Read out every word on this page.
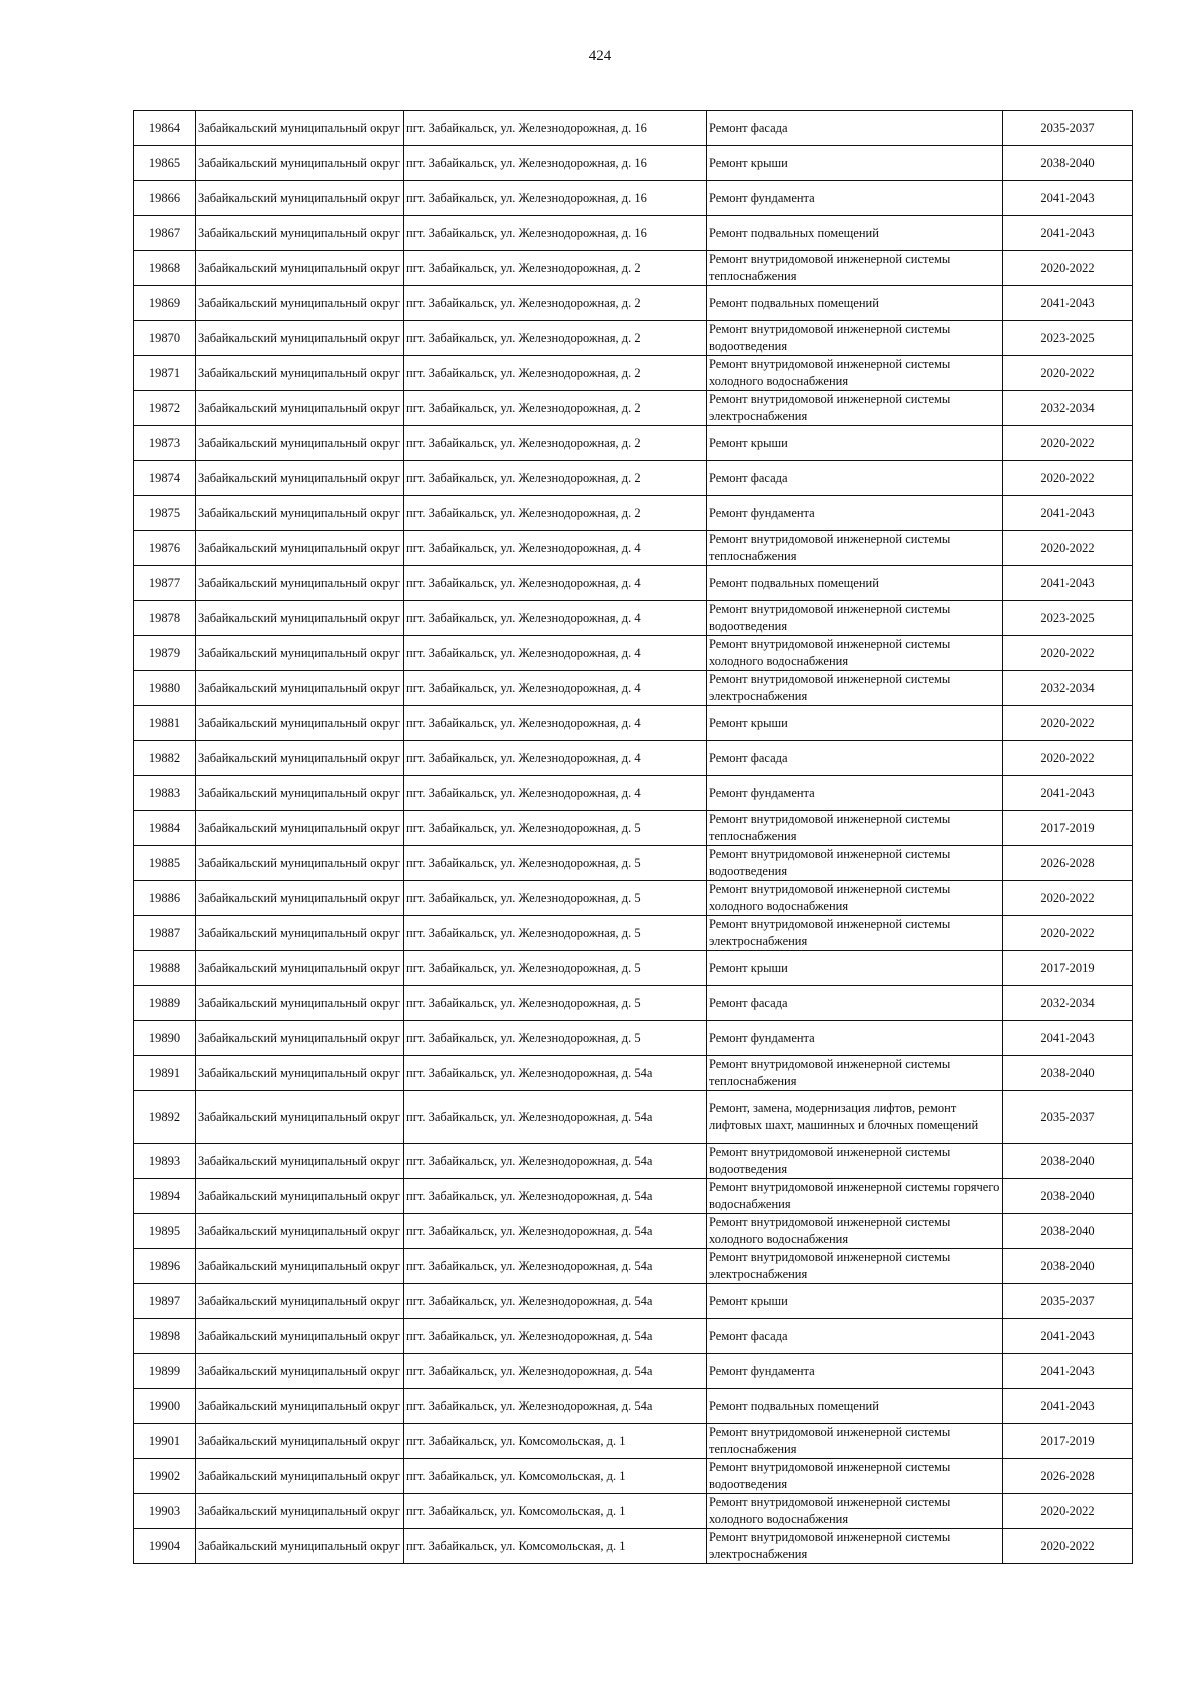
424
19864	Забайкальский муниципальный округ	пгт. Забайкальск, ул. Железнодорожная, д. 16	Ремонт фасада	2035-2037
19865	Забайкальский муниципальный округ	пгт. Забайкальск, ул. Железнодорожная, д. 16	Ремонт крыши	2038-2040
19866	Забайкальский муниципальный округ	пгт. Забайкальск, ул. Железнодорожная, д. 16	Ремонт фундамента	2041-2043
19867	Забайкальский муниципальный округ	пгт. Забайкальск, ул. Железнодорожная, д. 16	Ремонт подвальных помещений	2041-2043
19868	Забайкальский муниципальный округ	пгт. Забайкальск, ул. Железнодорожная, д. 2	Ремонт внутридомовой инженерной системы теплоснабжения	2020-2022
19869	Забайкальский муниципальный округ	пгт. Забайкальск, ул. Железнодорожная, д. 2	Ремонт подвальных помещений	2041-2043
19870	Забайкальский муниципальный округ	пгт. Забайкальск, ул. Железнодорожная, д. 2	Ремонт внутридомовой инженерной системы водоотведения	2023-2025
19871	Забайкальский муниципальный округ	пгт. Забайкальск, ул. Железнодорожная, д. 2	Ремонт внутридомовой инженерной системы холодного водоснабжения	2020-2022
19872	Забайкальский муниципальный округ	пгт. Забайкальск, ул. Железнодорожная, д. 2	Ремонт внутридомовой инженерной системы электроснабжения	2032-2034
19873	Забайкальский муниципальный округ	пгт. Забайкальск, ул. Железнодорожная, д. 2	Ремонт крыши	2020-2022
19874	Забайкальский муниципальный округ	пгт. Забайкальск, ул. Железнодорожная, д. 2	Ремонт фасада	2020-2022
19875	Забайкальский муниципальный округ	пгт. Забайкальск, ул. Железнодорожная, д. 2	Ремонт фундамента	2041-2043
19876	Забайкальский муниципальный округ	пгт. Забайкальск, ул. Железнодорожная, д. 4	Ремонт внутридомовой инженерной системы теплоснабжения	2020-2022
19877	Забайкальский муниципальный округ	пгт. Забайкальск, ул. Железнодорожная, д. 4	Ремонт подвальных помещений	2041-2043
19878	Забайкальский муниципальный округ	пгт. Забайкальск, ул. Железнодорожная, д. 4	Ремонт внутридомовой инженерной системы водоотведения	2023-2025
19879	Забайкальский муниципальный округ	пгт. Забайкальск, ул. Железнодорожная, д. 4	Ремонт внутридомовой инженерной системы холодного водоснабжения	2020-2022
19880	Забайкальский муниципальный округ	пгт. Забайкальск, ул. Железнодорожная, д. 4	Ремонт внутридомовой инженерной системы электроснабжения	2032-2034
19881	Забайкальский муниципальный округ	пгт. Забайкальск, ул. Железнодорожная, д. 4	Ремонт крыши	2020-2022
19882	Забайкальский муниципальный округ	пгт. Забайкальск, ул. Железнодорожная, д. 4	Ремонт фасада	2020-2022
19883	Забайкальский муниципальный округ	пгт. Забайкальск, ул. Железнодорожная, д. 4	Ремонт фундамента	2041-2043
19884	Забайкальский муниципальный округ	пгт. Забайкальск, ул. Железнодорожная, д. 5	Ремонт внутридомовой инженерной системы теплоснабжения	2017-2019
19885	Забайкальский муниципальный округ	пгт. Забайкальск, ул. Железнодорожная, д. 5	Ремонт внутридомовой инженерной системы водоотведения	2026-2028
19886	Забайкальский муниципальный округ	пгт. Забайкальск, ул. Железнодорожная, д. 5	Ремонт внутридомовой инженерной системы холодного водоснабжения	2020-2022
19887	Забайкальский муниципальный округ	пгт. Забайкальск, ул. Железнодорожная, д. 5	Ремонт внутридомовой инженерной системы электроснабжения	2020-2022
19888	Забайкальский муниципальный округ	пгт. Забайкальск, ул. Железнодорожная, д. 5	Ремонт крыши	2017-2019
19889	Забайкальский муниципальный округ	пгт. Забайкальск, ул. Железнодорожная, д. 5	Ремонт фасада	2032-2034
19890	Забайкальский муниципальный округ	пгт. Забайкальск, ул. Железнодорожная, д. 5	Ремонт фундамента	2041-2043
19891	Забайкальский муниципальный округ	пгт. Забайкальск, ул. Железнодорожная, д. 54а	Ремонт внутридомовой инженерной системы теплоснабжения	2038-2040
19892	Забайкальский муниципальный округ	пгт. Забайкальск, ул. Железнодорожная, д. 54а	Ремонт, замена, модернизация лифтов, ремонт лифтовых шахт, машинных и блочных помещений	2035-2037
19893	Забайкальский муниципальный округ	пгт. Забайкальск, ул. Железнодорожная, д. 54а	Ремонт внутридомовой инженерной системы водоотведения	2038-2040
19894	Забайкальский муниципальный округ	пгт. Забайкальск, ул. Железнодорожная, д. 54а	Ремонт внутридомовой инженерной системы горячего водоснабжения	2038-2040
19895	Забайкальский муниципальный округ	пгт. Забайкальск, ул. Железнодорожная, д. 54а	Ремонт внутридомовой инженерной системы холодного водоснабжения	2038-2040
19896	Забайкальский муниципальный округ	пгт. Забайкальск, ул. Железнодорожная, д. 54а	Ремонт внутридомовой инженерной системы электроснабжения	2038-2040
19897	Забайкальский муниципальный округ	пгт. Забайкальск, ул. Железнодорожная, д. 54а	Ремонт крыши	2035-2037
19898	Забайкальский муниципальный округ	пгт. Забайкальск, ул. Железнодорожная, д. 54а	Ремонт фасада	2041-2043
19899	Забайкальский муниципальный округ	пгт. Забайкальск, ул. Железнодорожная, д. 54а	Ремонт фундамента	2041-2043
19900	Забайкальский муниципальный округ	пгт. Забайкальск, ул. Железнодорожная, д. 54а	Ремонт подвальных помещений	2041-2043
19901	Забайкальский муниципальный округ	пгт. Забайкальск, ул. Комсомольская, д. 1	Ремонт внутридомовой инженерной системы теплоснабжения	2017-2019
19902	Забайкальский муниципальный округ	пгт. Забайкальск, ул. Комсомольская, д. 1	Ремонт внутридомовой инженерной системы водоотведения	2026-2028
19903	Забайкальский муниципальный округ	пгт. Забайкальск, ул. Комсомольская, д. 1	Ремонт внутридомовой инженерной системы холодного водоснабжения	2020-2022
19904	Забайкальский муниципальный округ	пгт. Забайкальск, ул. Комсомольская, д. 1	Ремонт внутридомовой инженерной системы электроснабжения	2020-2022
